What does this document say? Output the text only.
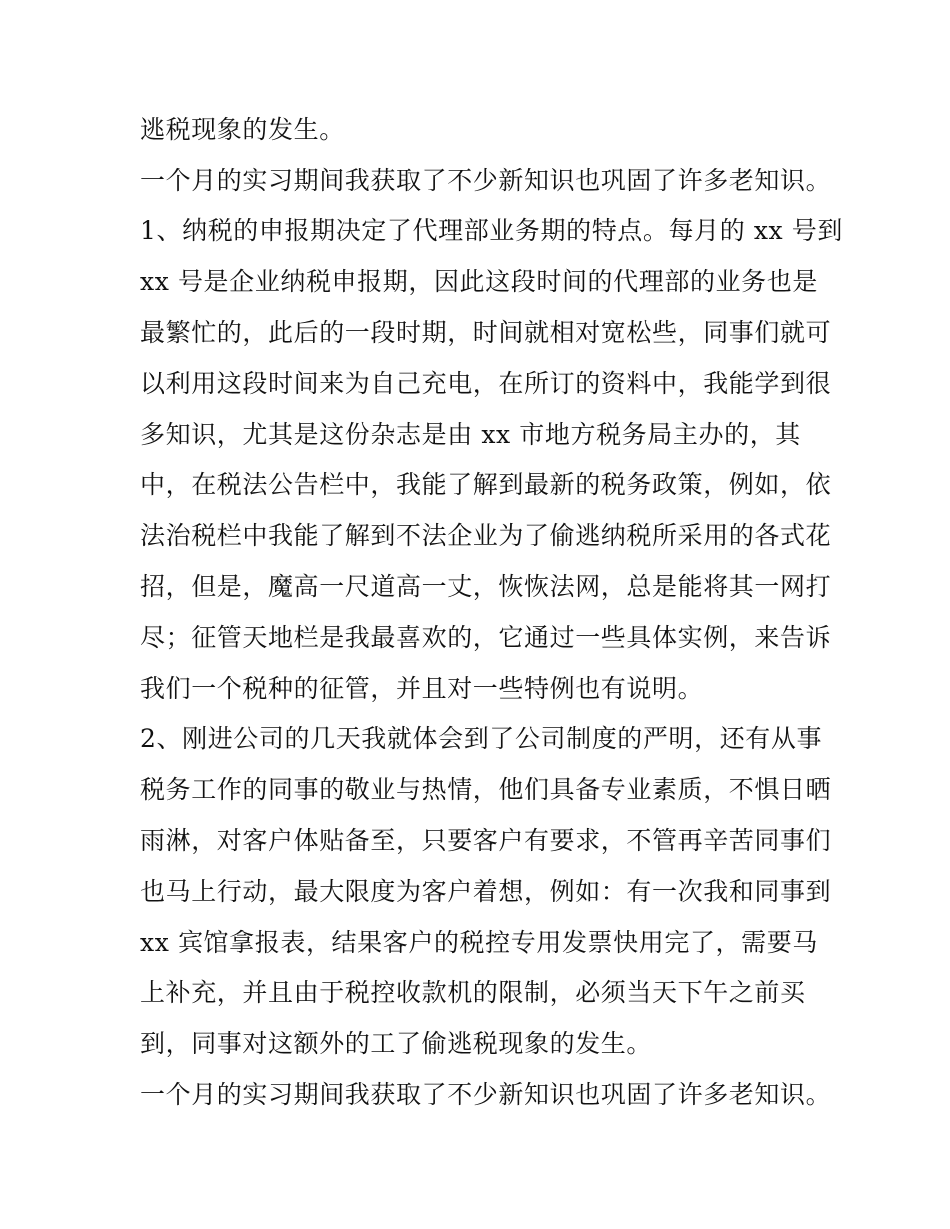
逃税现象的发生。
一个月的实习期间我获取了不少新知识也巩固了许多老知识。
1、纳税的申报期决定了代理部业务期的特点。每月的 xx 号到
xx 号是企业纳税申报期，因此这段时间的代理部的业务也是
最繁忙的，此后的一段时期，时间就相对宽松些，同事们就可
以利用这段时间来为自己充电，在所订的资料中，我能学到很
多知识，尤其是这份杂志是由 xx 市地方税务局主办的，其
中，在税法公告栏中，我能了解到最新的税务政策，例如，依
法治税栏中我能了解到不法企业为了偷逃纳税所采用的各式花
招，但是，魔高一尺道高一丈，恢恢法网，总是能将其一网打
尽；征管天地栏是我最喜欢的，它通过一些具体实例，来告诉
我们一个税种的征管，并且对一些特例也有说明。
2、刚进公司的几天我就体会到了公司制度的严明，还有从事
税务工作的同事的敬业与热情，他们具备专业素质，不惧日晒
雨淋，对客户体贴备至，只要客户有要求，不管再辛苦同事们
也马上行动，最大限度为客户着想，例如：有一次我和同事到
xx 宾馆拿报表，结果客户的税控专用发票快用完了，需要马
上补充，并且由于税控收款机的限制，必须当天下午之前买
到，同事对这额外的工了偷逃税现象的发生。
一个月的实习期间我获取了不少新知识也巩固了许多老知识。
